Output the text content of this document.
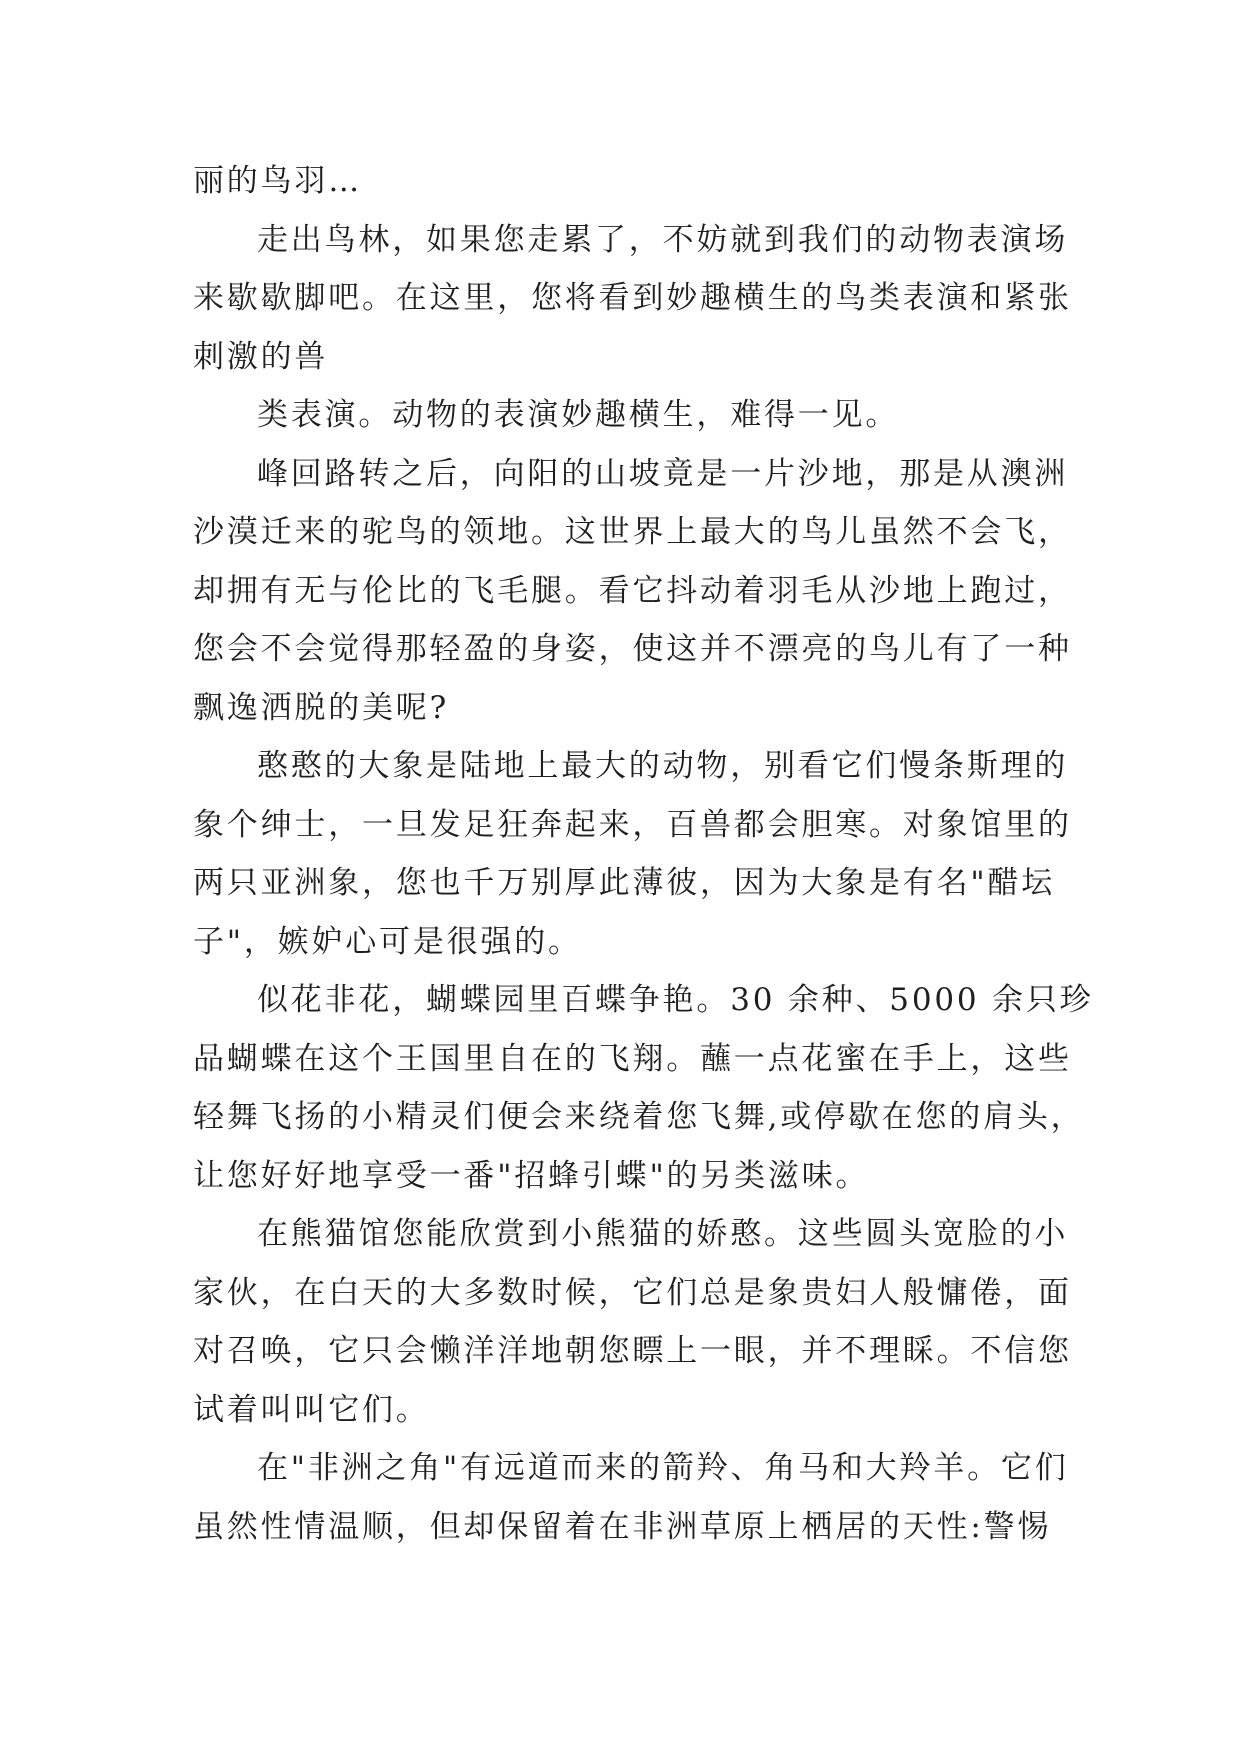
丽的鸟羽…
走出鸟林，如果您走累了，不妨就到我们的动物表演场
来歇歇脚吧。在这里，您将看到妙趣横生的鸟类表演和紧张
刺激的兽
类表演。动物的表演妙趣横生，难得一见。
峰回路转之后，向阳的山坡竟是一片沙地，那是从澳洲
沙漠迁来的驼鸟的领地。这世界上最大的鸟儿虽然不会飞，
却拥有无与伦比的飞毛腿。看它抖动着羽毛从沙地上跑过，
您会不会觉得那轻盈的身姿，使这并不漂亮的鸟儿有了一种
飘逸洒脱的美呢?
憨憨的大象是陆地上最大的动物，别看它们慢条斯理的
象个绅士，一旦发足狂奔起来，百兽都会胆寒。对象馆里的
两只亚洲象，您也千万别厚此薄彼，因为大象是有名"醋坛
子"，嫉妒心可是很强的。
似花非花，蝴蝶园里百蝶争艳。30 余种、5000 余只珍
品蝴蝶在这个王国里自在的飞翔。蘸一点花蜜在手上，这些
轻舞飞扬的小精灵们便会来绕着您飞舞,或停歇在您的肩头，
让您好好地享受一番"招蜂引蝶"的另类滋味。
在熊猫馆您能欣赏到小熊猫的娇憨。这些圆头宽脸的小
家伙，在白天的大多数时候，它们总是象贵妇人般慵倦，面
对召唤，它只会懒洋洋地朝您瞟上一眼，并不理睬。不信您
试着叫叫它们。
在"非洲之角"有远道而来的箭羚、角马和大羚羊。它们
虽然性情温顺，但却保留着在非洲草原上栖居的天性:警惕
